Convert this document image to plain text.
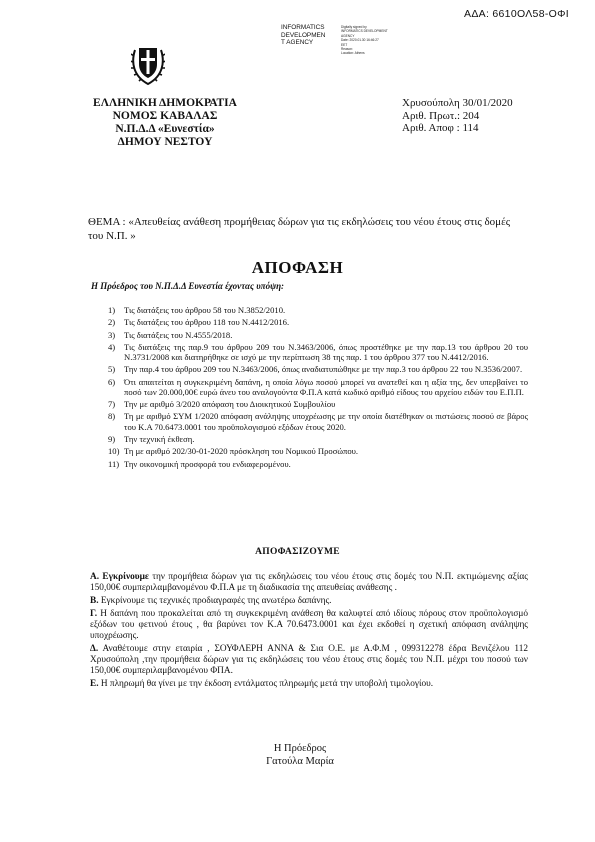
ΑΔΑ: 6610ΟΛ58-ΟΦΙ
INFORMATICS
DEVELOPMEN
T AGENCY
Digitally signed by
INFORMATICS DEVELOPMENT
AGENCY
Date: 2020.01.30 16:46:27
EET
Reason:
Location: Athens
ΕΛΛΗΝΙΚΗ ΔΗΜΟΚΡΑΤΙΑ
ΝΟΜΟΣ ΚΑΒΑΛΑΣ
Ν.Π.Δ.Δ «Ευνεστία»
ΔΗΜΟΥ ΝΕΣΤΟΥ
Χρυσούπολη 30/01/2020
Αριθ. Πρωτ.: 204
Αριθ. Αποφ : 114
ΘΕΜΑ : «Απευθείας ανάθεση προμήθειας δώρων για τις εκδηλώσεις του νέου έτους στις δομές του Ν.Π. »
ΑΠΟΦΑΣΗ
Η Πρόεδρος του Ν.Π.Δ.Δ Ευνεστία έχοντας υπόψη:
1)	Τις διατάξεις του άρθρου 58 του Ν.3852/2010.
2)	Τις διατάξεις του άρθρου 118 του Ν.4412/2016.
3)	Τις διατάξεις του Ν.4555/2018.
4)	Τις διατάξεις της παρ.9 του άρθρου 209 του Ν.3463/2006, όπως προστέθηκε με την παρ.13 του άρθρου 20 του Ν.3731/2008 και διατηρήθηκε σε ισχύ με την περίπτωση 38 της παρ. 1 του άρθρου 377 του Ν.4412/2016.
5)	Την παρ.4 του άρθρου 209 του Ν.3463/2006, όπως αναδιατυπώθηκε με την παρ.3 του άρθρου 22 του Ν.3536/2007.
6)	Ότι απαιτείται η συγκεκριμένη δαπάνη, η οποία λόγω ποσού μπορεί να ανατεθεί και η αξία της, δεν υπερβαίνει το ποσό των 20.000,00€ ευρώ άνευ του αναλογούντα Φ.Π.Α κατά κωδικό αριθμό είδους του αρχείου ειδών του Ε.Π.Π.
7)	Την με αριθμό 3/2020 απόφαση του Διοικητικού Συμβουλίου
8)	Τη με αριθμό ΣΥΜ 1/2020 απόφαση ανάληψης υποχρέωσης με την οποία διατέθηκαν οι πιστώσεις ποσού σε βάρος του Κ.Α 70.6473.0001 του προϋπολογισμού εξόδων έτους 2020.
9)	Την τεχνική έκθεση.
10) Τη με αριθμό 202/30-01-2020 πρόσκληση του Νομικού Προσώπου.
11) Την οικονομική προσφορά του ενδιαφερομένου.
ΑΠΟΦΑΣΙΖΟΥΜΕ

Α. Εγκρίνουμε την προμήθεια δώρων για τις εκδηλώσεις του νέου έτους στις δομές του Ν.Π. εκτιμώμενης αξίας 150,00€ συμπεριλαμβανομένου Φ.Π.Α με τη διαδικασία της απευθείας ανάθεσης .

Β. Εγκρίνουμε τις τεχνικές προδιαγραφές της ανωτέρω δαπάνης.

Γ. Η δαπάνη που προκαλείται από τη συγκεκριμένη ανάθεση θα καλυφτεί από ιδίους πόρους στον προϋπολογισμό εξόδων του φετινού έτους , θα βαρύνει τον Κ.Α 70.6473.0001 και έχει εκδοθεί η σχετική απόφαση ανάληψης υποχρέωσης.

Δ. Αναθέτουμε στην εταιρία , ΣΟΥΦΛΕΡΗ ΑΝΝΑ & Σια Ο.Ε. με Α.Φ.Μ , 099312278 έδρα Βενιζέλου 112 Χρυσούπολη ,την προμήθεια δώρων για τις εκδηλώσεις του νέου έτους στις δομές του Ν.Π. μέχρι του ποσού των 150,00€ συμπεριλαμβανομένου ΦΠΑ.

Ε. Η πληρωμή θα γίνει με την έκδοση εντάλματος πληρωμής μετά την υποβολή τιμολογίου.

Η Πρόεδρος
Γατούλα Μαρία
